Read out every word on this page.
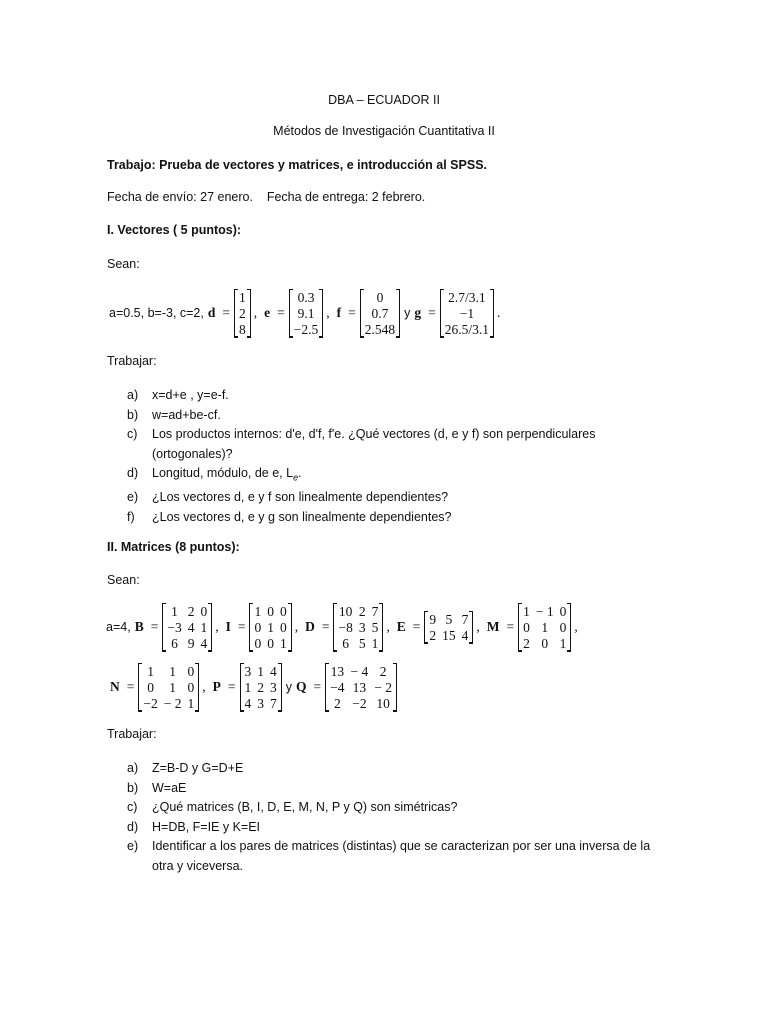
DBA – ECUADOR II
Métodos de Investigación Cuantitativa II
Trabajo: Prueba de vectores y matrices, e introducción al SPSS.
Fecha de envío: 27 enero.    Fecha de entrega: 2 febrero.
I. Vectores ( 5 puntos):
Sean:
a=0.5, b=-3, c=2, d =
1
2
8
, e =
0.3
9.1
−2.5
, f =
0
0.7
2.548
y g =
2.7/3.1
−1
26.5/3.1
.
Trabajar:
a)	x=d+e , y=e-f.
b)	w=ad+be-cf.
c)	Los productos internos: d'e, d'f, f'e. ¿Qué vectores (d, e y f) son perpendiculares
(ortogonales)?
d)	Longitud, módulo, de e, $L_e$.
e)	¿Los vectores d, e y f son linealmente dependientes?
f)	¿Los vectores d, e y g son linealmente dependientes?
II. Matrices (8 puntos):
Sean:
a=4, B =
1 2 0
−3 4 1
6 9 4
, I =
1 0 0
0 1 0
0 0 1
, D =
10 2 7
−8 3 5
6 5 1
, E = 9 5 7
2 15 4
, M =
1 − 1 0
0 1 0
2 0 1
,
N =
1	1 0
0	1 0
−2 − 2 1
, P =
3 1 4
1 2 3
4 3 7
y Q =
13 − 4 2
−4 13 − 2
2 −2 10
Trabajar:
a)	Z=B-D y G=D+E
b)	W=aE
c)	¿Qué matrices (B, I, D, E, M, N, P y Q) son simétricas?
d)	H=DB, F=IE y K=EI
e)	Identificar a los pares de matrices (distintas) que se caracterizan por ser una inversa de la
otra y viceversa.
